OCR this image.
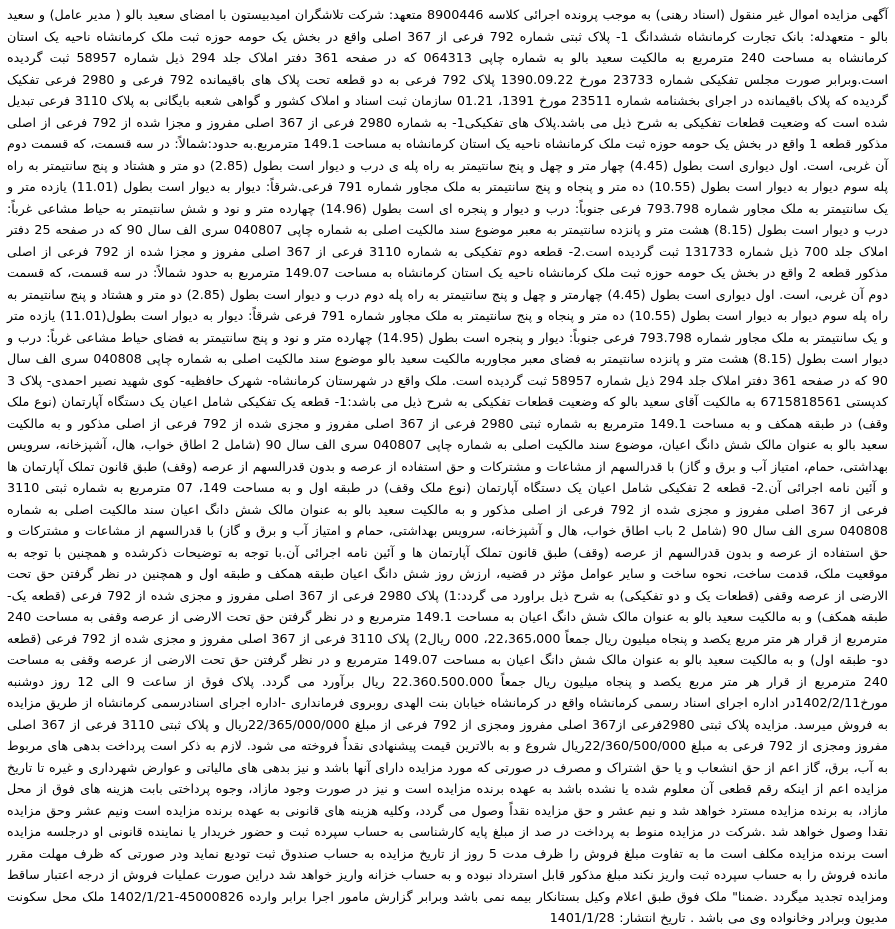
آگهی مزایده اموال غیر منقول (اسناد رهنی) به موجب پرونده اجرائی کلاسه 8900446 متعهد: شرکت تلاشگران امیدبیستون با امضای سعید بالو ( مدیر عامل) و سعید بالو - متعهدله: بانک تجارت کرمانشاه ششدانگ 1- پلاک ثبتی شماره 792 فرعی از 367 اصلی واقع در بخش یک حومه حوزه ثبت ملک کرمانشاه ناحیه یک استان کرمانشاه به مساحت 240 مترمربع به مالکیت سعید بالو به شماره چاپی 064313 که در صفحه 361 دفتر املاک جلد 294 ذیل شماره 58957 ثبت گردیده است.وبرابر صورت مجلس تفکیکی شماره 23733 مورخ 1390.09.22 پلاک 792 فرعی به دو قطعه تحت پلاک های باقیمانده 792 فرعی و 2980 فرعی تفکیک گردیده که پلاک باقیمانده در اجرای بخشنامه شماره 23511 مورخ 1391، 01.21 سازمان ثبت اسناد و املاک کشور و گواهی شعبه بایگانی به پلاک 3110 فرعی تبدیل شده است که وضعیت قطعات تفکیکی به شرح ذیل می باشد.پلاک های تفکیکی1- به شماره 2980 فرعی از 367 اصلی مفروز و مجزا شده از 792 فرعی از اصلی مذکور قطعه 1 واقع در بخش یک حومه حوزه ثبت ملک کرمانشاه ناحیه یک استان کرمانشاه به مساحت 149.1 مترمربع.به حدود:شمالاً: در سه قسمت، که قسمت دوم آن غربی، است. اول دیواری است بطول (4.45) چهار متر و چهل و پنج سانتیمتر به راه پله ی درب و دیوار است بطول (2.85) دو متر و هشتاد و پنج سانتیمتر به راه پله سوم دیوار به دیوار است بطول (10.55) ده متر و پنجاه و پنج سانتیمتر به ملک مجاور شماره 791 فرعی.شرقاً: دیوار به دیوار است بطول (11.01) یازده متر و یک سانتیمتر به ملک مجاور شماره 793.798 فرعی جنوباً: درب و دیوار و پنجره ای است بطول (14.96) چهارده متر و نود و شش سانتیمتر به حیاط مشاعی غرباً: درب و دیوار است بطول (8.15) هشت متر و پانزده سانتیمتر به معبر موضوع سند مالکیت اصلی به شماره چاپی 040807 سری الف سال 90 که در صفحه 25 دفتر املاک جلد 700 ذیل شماره 131733 ثبت گردیده است.2- قطعه دوم تفکیکی به شماره 3110 فرعی از 367 اصلی مفروز و مجزا شده از 792 فرعی از اصلی مذکور قطعه 2 واقع در بخش یک حومه حوزه ثبت ملک کرمانشاه ناحیه یک استان کرمانشاه به مساحت 149.07 مترمربع به حدود شمالاً: در سه قسمت، که قسمت دوم آن غربی، است. اول دیواری است بطول (4.45) چهارمتر و چهل و پنج سانتیمتر به راه پله دوم درب و دیوار است بطول (2.85) دو متر و هشتاد و پنج سانتیمتر به راه پله سوم دیوار به دیوار است بطول (10.55) ده متر و پنجاه و پنج سانتیمتر به ملک مجاور شماره 791 فرعی شرقاً: دیوار به دیوار است بطول(11.01) یازده متر و یک سانتیمتر به ملک مجاور شماره 793.798 فرعی جنوباً: دیوار و پنجره است بطول (14.95) چهارده متر و نود و پنج سانتیمتر به فضای حیاط مشاعی غرباً: درب و دیوار است بطول (8.15) هشت متر و پانزده سانتیمتر به فضای معبر مجاوربه مالکیت سعید بالو موضوع سند مالکیت اصلی به شماره چاپی 040808 سری الف سال 90 که در صفحه 361 دفتر املاک جلد 294 ذیل شماره 58957 ثبت گردیده است. ملک واقع در شهرستان کرمانشاه- شهرک حافظیه- کوی شهید نصیر احمدی- پلاک 3 کدپستی 6715818561 به مالکیت آقای سعید بالو که وضعیت قطعات تفکیکی به شرح ذیل می باشد:1- قطعه یک تفکیکی شامل اعیان یک دستگاه آپارتمان (نوع ملک وقف) در طبقه همکف و به مساحت 149.1 مترمربع به شماره ثبتی 2980 فرعی از 367 اصلی مفروز و مجزی شده از 792 فرعی از اصلی مذکور و به مالکیت سعید بالو به عنوان مالک شش دانگ اعیان، موضوع سند مالکیت اصلی به شماره چاپی 040807 سری الف سال 90 (شامل 2 اطاق خواب، هال، آشپزخانه، سرویس بهداشتی، حمام، امتیاز آب و برق و گاز) با قدرالسهم از مشاعات و مشترکات و حق استفاده از عرصه و بدون قدرالسهم از عرصه (وقف) طبق قانون تملک آپارتمان ها و آئین نامه اجرائی آن.2- قطعه 2 تفکیکی شامل اعیان یک دستگاه آپارتمان (نوع ملک وقف) در طبقه اول و به مساحت 149، 07 مترمربع به شماره ثبتی 3110 فرعی از 367 اصلی مفروز و مجزی شده از 792 فرعی از اصلی مذکور و به مالکیت سعید بالو به عنوان مالک شش دانگ اعیان سند مالکیت اصلی به شماره 040808 سری الف سال 90 (شامل 2 باب اطاق خواب، هال و آشپزخانه، سرویس بهداشتی، حمام و امتیاز آب و برق و گاز) با قدرالسهم از مشاعات و مشترکات و حق استفاده از عرصه و بدون قدرالسهم از عرصه (وقف) طبق قانون تملک آپارتمان ها و آئین نامه اجرائی آن.با توجه به توضیحات ذکرشده و همچنین با توجه به موقعیت ملک، قدمت ساخت، نحوه ساخت و سایر عوامل مؤثر در قضیه، ارزش روز شش دانگ اعیان طبقه همکف و طبقه اول و همچنین در نظر گرفتن حق تحت الارضی از عرصه وقفی (قطعات یک و دو تفکیکی) به شرح ذیل براورد می گردد:1) پلاک 2980 فرعی از 367 اصلی مفروز و مجزی شده از 792 فرعی (قطعه یک- طبقه همکف) و به مالکیت سعید بالو به عنوان مالک شش دانگ اعیان به مساحت 149.1 مترمربع و در نظر گرفتن حق تحت الارضی از عرصه وقفی به مساحت 240 مترمربع از قرار هر متر مربع یکصد و پنجاه میلیون ریال جمعاً 22،365،000، 000 ریال2) پلاک 3110 فرعی از 367 اصلی مفروز و مجزی شده از 792 فرعی (قطعه دو- طبقه اول) و به مالکیت سعید بالو به عنوان مالک شش دانگ اعیان به مساحت 149.07 مترمربع و در نظر گرفتن حق تحت الارضی از عرصه وقفی به مساحت 240 مترمربع از قرار هر متر مربع یکصد و پنجاه میلیون ریال جمعاً 22.360.500.000 ریال برآورد می گردد. پلاک فوق از ساعت 9 الی 12 روز دوشنبه مورخ1402/2/11در اداره اجرای اسناد رسمی کرمانشاه واقع در کرمانشاه خیابان بنت الهدی روبروی فرمانداری -اداره اجرای اسنادرسمی کرمانشاه از طریق مزایده به فروش میرسد. مزایده پلاک ثبتی 2980فرعی از367 اصلی مفروز ومجزی از 792 فرعی از مبلغ 22/365/000/000ریال و پلاک ثبتی 3110 فرعی از 367 اصلی مفروز ومجزی از 792 فرعی به مبلغ 22/360/500/000ریال شروع و به بالاترین قیمت پیشنهادی نقداً فروخته می شود. لازم به ذکر است پرداخت بدهی های مربوط به آب، برق، گاز اعم از حق انشعاب و یا حق اشتراک و مصرف در صورتی که مورد مزایده دارای آنها باشد و نیز بدهی های مالیاتی و عوارض شهرداری و غیره تا تاریخ مزایده اعم از اینکه رقم قطعی آن معلوم شده یا نشده باشد به عهده برنده مزایده است و نیز در صورت وجود مازاد، وجوه پرداختی بابت هزینه های فوق از محل مازاد، به برنده مزایده مسترد خواهد شد و نیم عشر و حق مزایده نقداً وصول می گردد، وکلیه هزینه های قانونی به عهده برنده مزایده است ونیم عشر وحق مزایده نقدا وصول خواهد شد .شرکت در مزایده منوط به پرداخت در صد از مبلغ پایه کارشناسی به حساب سپرده ثبت و حضور خریدار یا نماینده قانونی او درجلسه مزایده است برنده مزایده مکلف است ما به تفاوت مبلغ فروش را ظرف مدت 5 روز از تاریخ مزایده به حساب صندوق ثبت تودیع نماید ودر صورتی که ظرف مهلت مقرر مانده فروش را به حساب سپرده ثبت واریز نکند مبلغ مذکور قابل استرداد نبوده و به حساب خزانه واریز خواهد شد دراین صورت عملیات فروش از درجه اعتبار ساقط ومزایده تجدید میگردد .ضمنا" ملک فوق طبق اعلام وکیل بستانکار بیمه نمی باشد وبرابر گزارش مامور اجرا برابر وارده 45000826-1402/1/21 ملک محل سکونت مدیون وبرادر وخانواده وی می باشد . تاریخ انتشار: 1401/1/28
